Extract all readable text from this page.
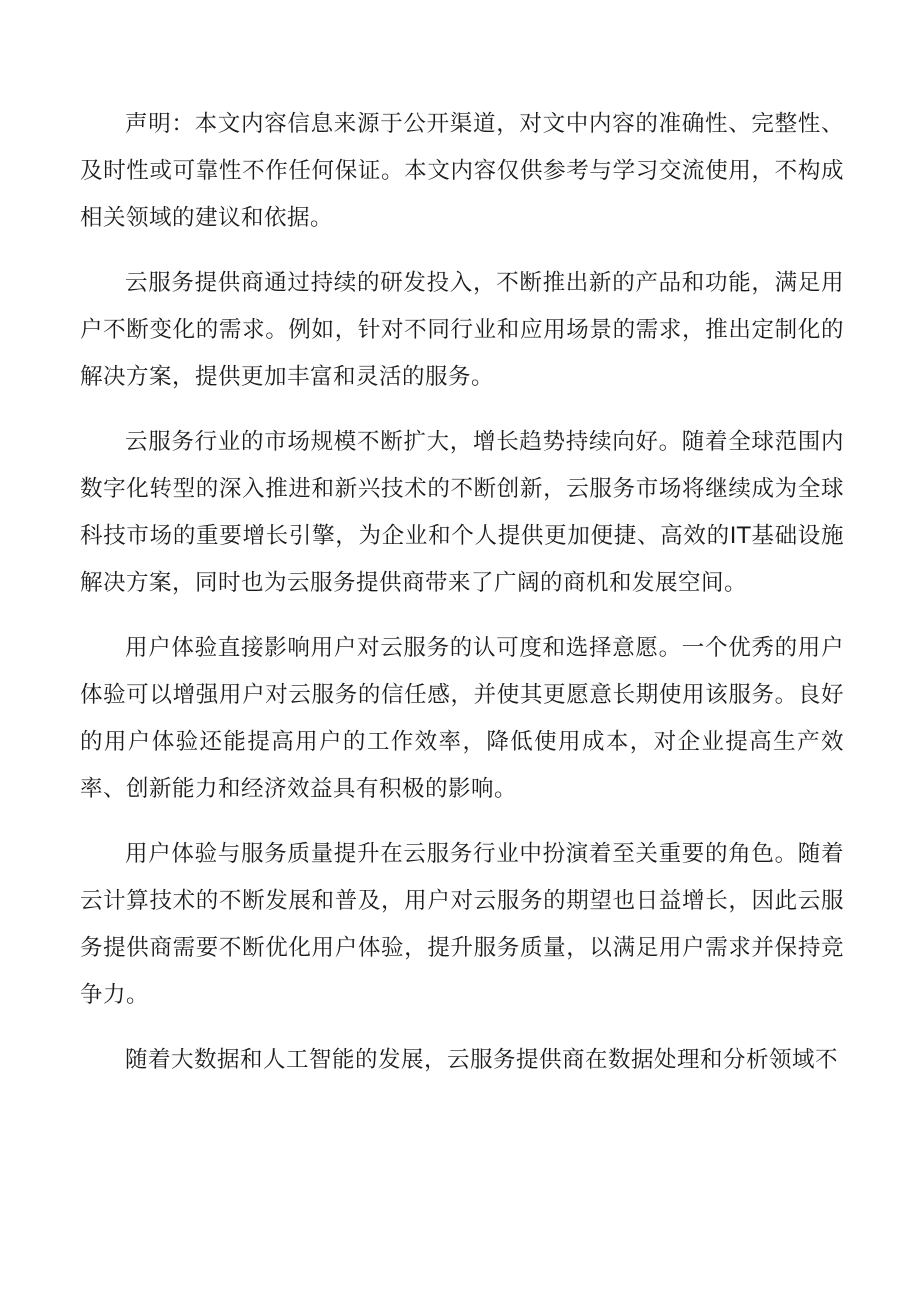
声明：本文内容信息来源于公开渠道，对文中内容的准确性、完整性、及时性或可靠性不作任何保证。本文内容仅供参考与学习交流使用，不构成相关领域的建议和依据。

云服务提供商通过持续的研发投入，不断推出新的产品和功能，满足用户不断变化的需求。例如，针对不同行业和应用场景的需求，推出定制化的解决方案，提供更加丰富和灵活的服务。

云服务行业的市场规模不断扩大，增长趋势持续向好。随着全球范围内数字化转型的深入推进和新兴技术的不断创新，云服务市场将继续成为全球科技市场的重要增长引擎，为企业和个人提供更加便捷、高效的IT基础设施解决方案，同时也为云服务提供商带来了广阔的商机和发展空间。

用户体验直接影响用户对云服务的认可度和选择意愿。一个优秀的用户体验可以增强用户对云服务的信任感，并使其更愿意长期使用该服务。良好的用户体验还能提高用户的工作效率，降低使用成本，对企业提高生产效率、创新能力和经济效益具有积极的影响。

用户体验与服务质量提升在云服务行业中扮演着至关重要的角色。随着云计算技术的不断发展和普及，用户对云服务的期望也日益增长，因此云服务提供商需要不断优化用户体验，提升服务质量，以满足用户需求并保持竞争力。

随着大数据和人工智能的发展，云服务提供商在数据处理和分析领域不
